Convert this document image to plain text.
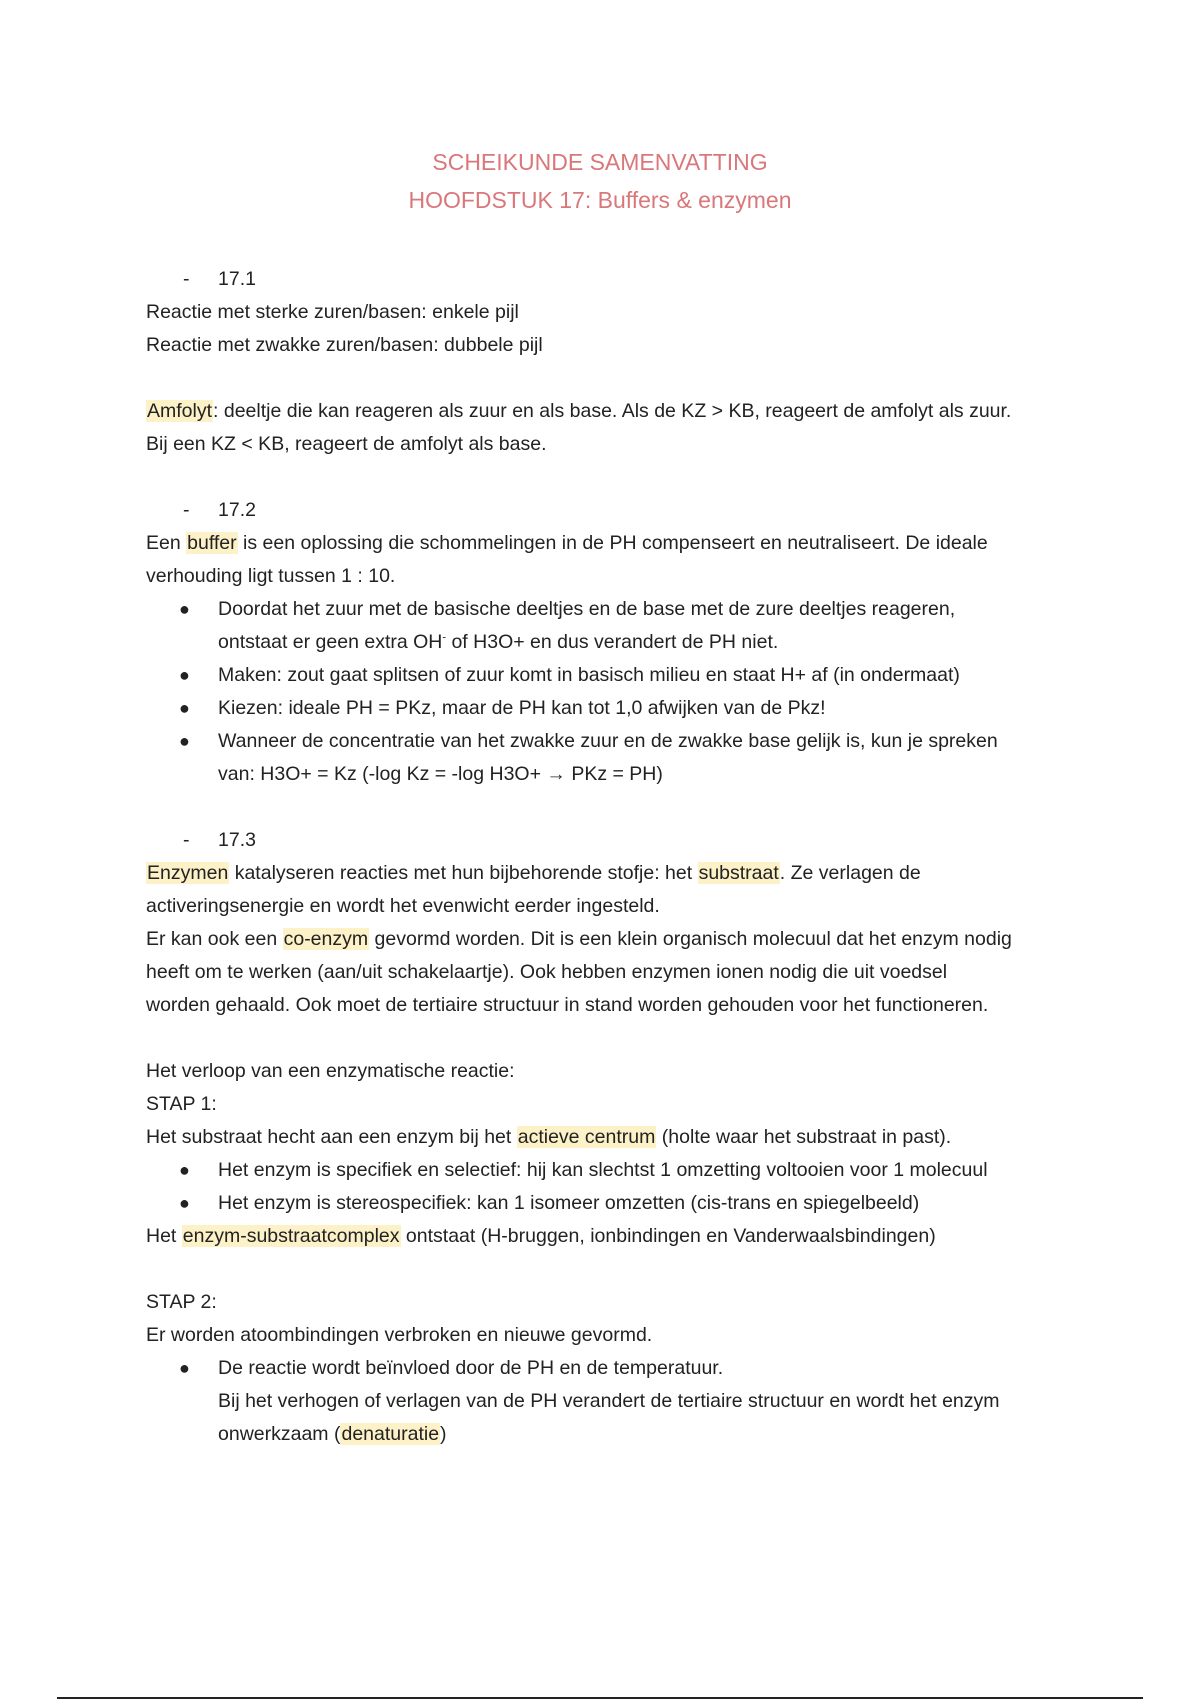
SCHEIKUNDE SAMENVATTING
HOOFDSTUK 17: Buffers & enzymen

- 17.1

Reactie met sterke zuren/basen: enkele pijl

Reactie met zwakke zuren/basen: dubbele pijl

Amfolyt: deeltje die kan reageren als zuur en als base. Als de KZ > KB, reageert de amfolyt als zuur.

Bij een KZ < KB, reageert de amfolyt als base.

- 17.2

Een buffer is een oplossing die schommelingen in de PH compenseert en neutraliseert. De ideale

verhouding ligt tussen 1 : 10.

● Doordat het zuur met de basische deeltjes en de base met de zure deeltjes reageren,
ontstaat er geen extra OH- of H3O+ en dus verandert de PH niet.
● Maken: zout gaat splitsen of zuur komt in basisch milieu en staat H+ af (in ondermaat)
● Kiezen: ideale PH = PKz, maar de PH kan tot 1,0 afwijken van de Pkz!
● Wanneer de concentratie van het zwakke zuur en de zwakke base gelijk is, kun je spreken
van: H3O+ = Kz (-log Kz = -log H3O+ → PKz = PH)

- 17.3

Enzymen katalyseren reacties met hun bijbehorende stofje: het substraat. Ze verlagen de

activeringsenergie en wordt het evenwicht eerder ingesteld.

Er kan ook een co-enzym gevormd worden. Dit is een klein organisch molecuul dat het enzym nodig

heeft om te werken (aan/uit schakelaartje). Ook hebben enzymen ionen nodig die uit voedsel

worden gehaald. Ook moet de tertiaire structuur in stand worden gehouden voor het functioneren.

Het verloop van een enzymatische reactie:

STAP 1:

Het substraat hecht aan een enzym bij het actieve centrum (holte waar het substraat in past).

● Het enzym is specifiek en selectief: hij kan slechtst 1 omzetting voltooien voor 1 molecuul
● Het enzym is stereospecifiek: kan 1 isomeer omzetten (cis-trans en spiegelbeeld)

Het enzym-substraatcomplex ontstaat (H-bruggen, ionbindingen en Vanderwaalsbindingen)

STAP 2:

Er worden atoombindingen verbroken en nieuwe gevormd.

● De reactie wordt beïnvloed door de PH en de temperatuur.
Bij het verhogen of verlagen van de PH verandert de tertiaire structuur en wordt het enzym
onwerkzaam (denaturatie)
